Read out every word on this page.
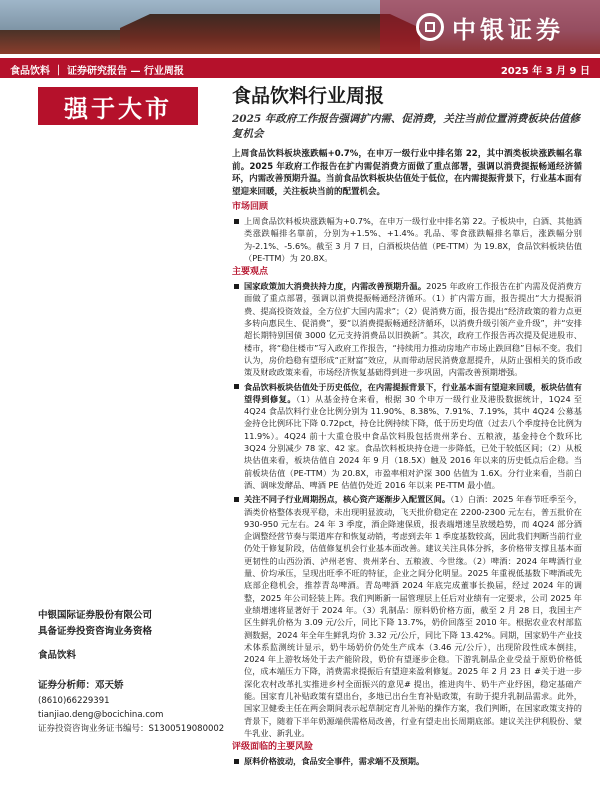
中银证券
食品饮料 ｜ 证券研究报告 — 行业周报	2025 年 3 月 9 日
强于大市
中银国际证券股份有限公司
具备证券投资咨询业务资格
食品饮料
证券分析师：邓天娇
(8610)66229391
tianjiao.deng@bocichina.com
证券投资咨询业务证书编号：S1300519080002
食品饮料行业周报
2025 年政府工作报告强调扩内需、促消费，关注当前位置消费板块估值修复机会
上周食品饮料板块涨跌幅+0.7%，在申万一级行业中排名第 22，其中酒类板块涨跌幅名靠前。2025 年政府工作报告在扩内需促消费方面做了重点部署，强调以消费提振畅通经济循环，内需改善预期升温。当前食品饮料板块估值处于低位，在内需提振背景下，行业基本面有望迎来回暖，关注板块当前的配置机会。
市场回顾
上周食品饮料板块涨跌幅为+0.7%，在申万一级行业中排名第 22。子板块中，白酒、其他酒类涨跌幅排名靠前，分别为+1.5%、+1.4%。乳品、零食涨跌幅排名靠后，涨跌幅分别为-2.1%、-5.6%。截至 3 月 7 日，白酒板块估值（PE-TTM）为 19.8X，食品饮料板块估值（PE-TTM）为 20.8X。
主要观点
国家政策加大消费扶持力度，内需改善预期升温。2025 年政府工作报告在扩内需及促消费方面做了重点部署，强调以消费提振畅通经济循环。（1）扩内需方面，报告提出“大力提振消费、提高投资效益，全方位扩大国内需求”；（2）促消费方面，报告提出“经济政策的着力点更多转向惠民生、促消费”，要“以消费提振畅通经济循环，以消费升级引领产业升级”，并“安排超长期特别国债 3000 亿元支持消费品以旧换新”。其次，政府工作报告再次提及促进股市、楼市，将“稳住楼市”写入政府工作报告，“持续用力推动房地产市场止跌回稳”目标不变。我们认为，房价趋稳有望形成“正财富”效应，从而带动居民消费意愿提升，从防止强相关的货币政策及财政政策来看，市场经济恢复基础得到进一步巩固，内需改善预期增强。
食品饮料板块估值处于历史低位，在内需提振背景下，行业基本面有望迎来回暖，板块估值有望得到修复。（1）从基金持仓来看，根据 30 个申万一级行业及港股数据统计，1Q24 至 4Q24 食品饮料行业仓比例分别为 11.90%、8.38%、7.91%、7.19%，其中 4Q24 公募基金持仓比例环比下降 0.72pct，持仓比例持续下降，低于历史均值（过去八个季度持仓比例为 11.9%）。4Q24 前十大重仓股中食品饮料股包括贵州茅台、五粮液，基金持仓个数环比 3Q24 分别减少 78 家、42 家。食品饮料板块持仓进一步降低，已处于较低区间；（2）从板块估值来看，板块估值自 2024 年 9 月（18.5X）触及 2016 年以来的历史低点后企稳。当前板块估值（PE-TTM）为 20.8X，市盈率相对沪深 300 估值为 1.6X。分行业来看，当前白酒、调味发酵品、啤酒 PE 估值仍处近 2016 年以来 PE-TTM 最小值。
关注不同子行业周期拐点，核心资产逐渐步入配置区间。（1）白酒：2025 年春节旺季至今，酒类价格整体表现平稳，未出现明显波动，飞天批价稳定在 2200-2300 元左右，普五批价在 930-950 元左右。24 年 3 季度，酒企降速保质，报表端增速呈放缓趋势，而 4Q24 部分酒企调整经营节奏与渠道库存和恢复动销，考虑到去年 1 季度基数较高，因此我们判断当前行业仍处于修复阶段，估值修复机会行业基本面改善。建议关注具体分拆，多价格带支撑且基本面更韧性的山西汾酒、泸州老窖、贵州茅台、五粮液、今世缘。（2）啤酒：2024 年啤酒行业量、价均承压，呈现出旺季不旺的特征，企业之间分化明显。2025 年重视低基数下啤酒或先底部企稳机会，推荐青岛啤酒。青岛啤酒 2024 年底完成董事长换届，经过 2024 年的调整，2025 年公司轻装上阵。我们判断新一届管理层上任后对业绩有一定要求，公司 2025 年业绩增速将显著好于 2024 年。（3）乳制品：原料奶价格方面，截至 2 月 28 日，我国主产区生鲜乳价格为 3.09 元/公斤，同比下降 13.7%，奶价回落至 2010 年。根据农业农村部监测数据，2024 年全年生鲜乳均价 3.32 元/公斤，同比下降 13.42%。同期，国家奶牛产业技术体系监测统计显示，奶牛场奶价仍处生产成本（3.46 元/公斤），出现阶段性成本倒挂，2024 年上游牧场处于去产能阶段，奶价有望逐步企稳。下游乳制品企业受益于原奶价格低位，成本端压力下降，消费需求提振后有望迎来盈利修复。2025 年 2 月 23 日 #关于进一步深化农村改革扎实推进乡村全面振兴的意见# 提出，推进肉牛、奶牛产业纾困，稳定基础产能。国家育儿补贴政策有望出台，多地已出台生育补贴政策，有助于提升乳制品需求。此外，国家卫健委主任在两会期间表示起草制定育儿补贴的操作方案，我们判断，在国家政策支持的背景下，随着下半年奶源端供需格局改善，行业有望走出长周期底部。建议关注伊利股份、蒙牛乳业、新乳业。
评级面临的主要风险
原料价格波动，食品安全事件，需求端不及预期。
